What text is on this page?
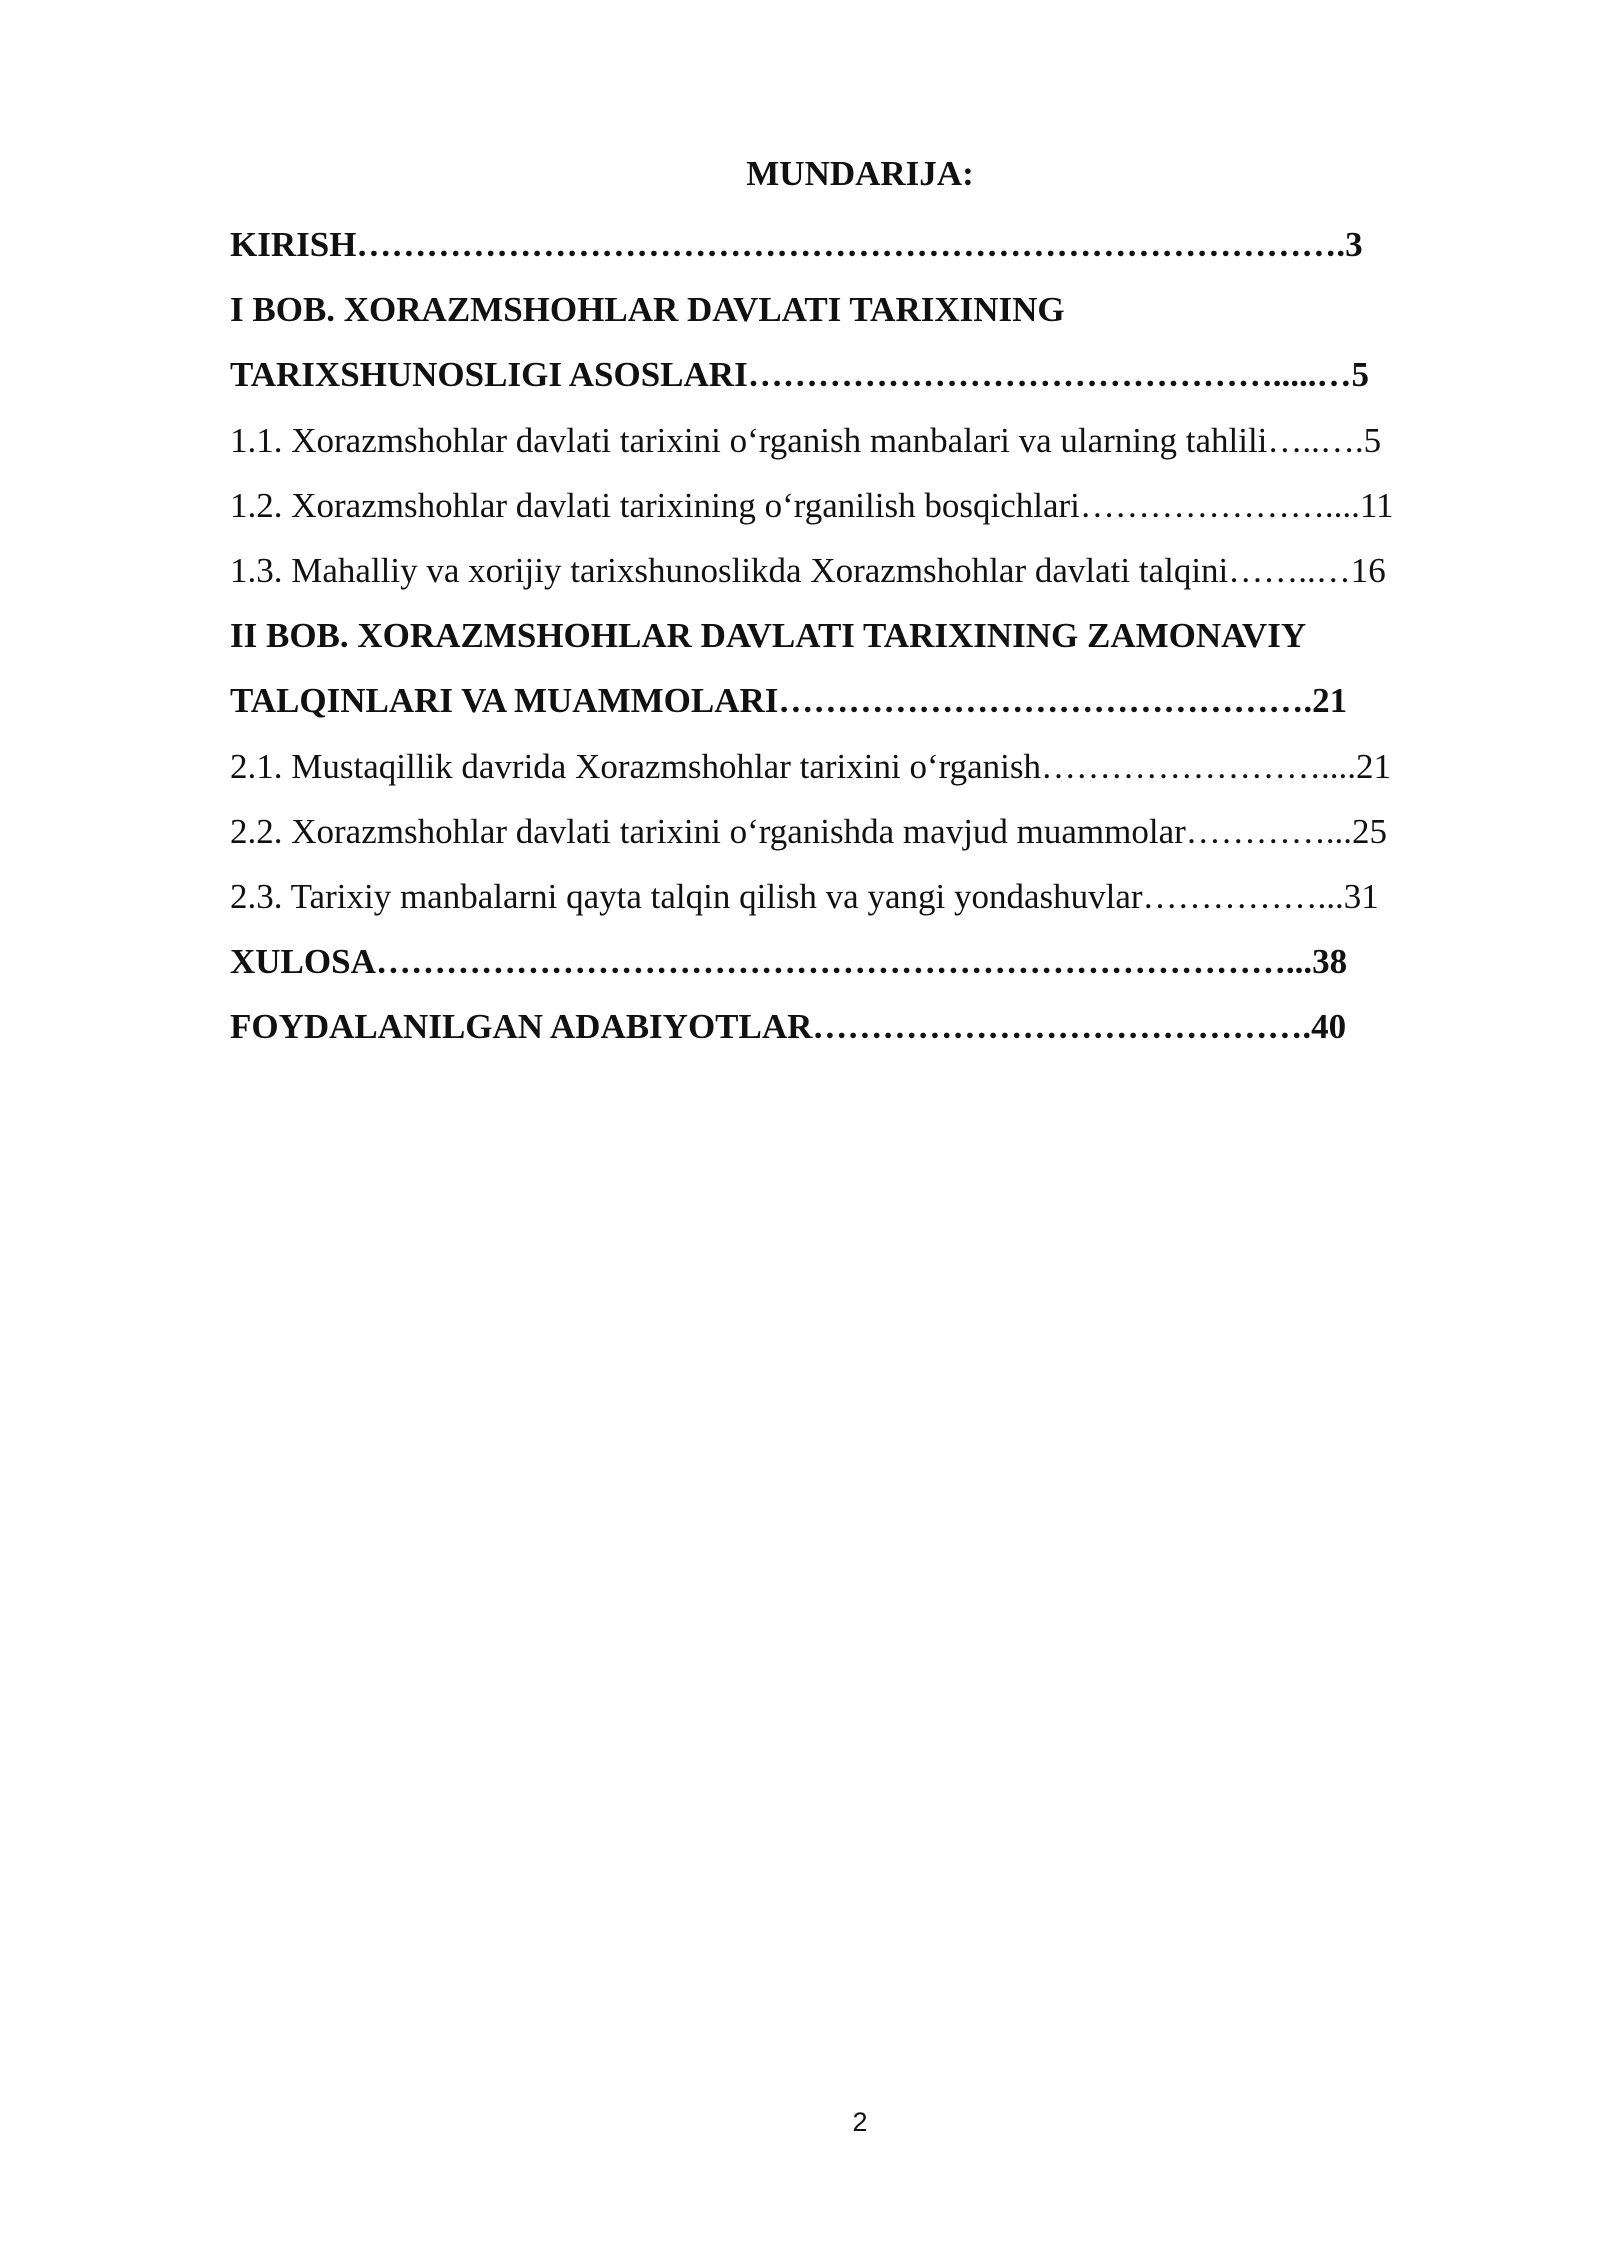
MUNDARIJA:
KIRISH………………………………………………………………………….3
I BOB. XORAZMSHOHLAR DAVLATI TARIXINING
TARIXSHUNOSLIGI ASOSLARI……………………………………….....…5
1.1. Xorazmshohlar davlati tarixini o‘rganish manbalari va ularning tahlili…..….5
1.2. Xorazmshohlar davlati tarixining o‘rganilish bosqichlari…………………....11
1.3. Mahalliy va xorijiy tarixshunoslikda Xorazmshohlar davlati talqini……..…16
II BOB. XORAZMSHOHLAR DAVLATI TARIXINING ZAMONAVIY
TALQINLARI VA MUAMMOLARI……………………………………….21
2.1. Mustaqillik davrida Xorazmshohlar tarixini o‘rganish……………………....21
2.2. Xorazmshohlar davlati tarixini o‘rganishda mavjud muammolar…………...25
2.3. Tarixiy manbalarni qayta talqin qilish va yangi yondashuvlar……………...31
XULOSA……………………………………………………………………...38
FOYDALANILGAN ADABIYOTLAR…………………………………….40
2
